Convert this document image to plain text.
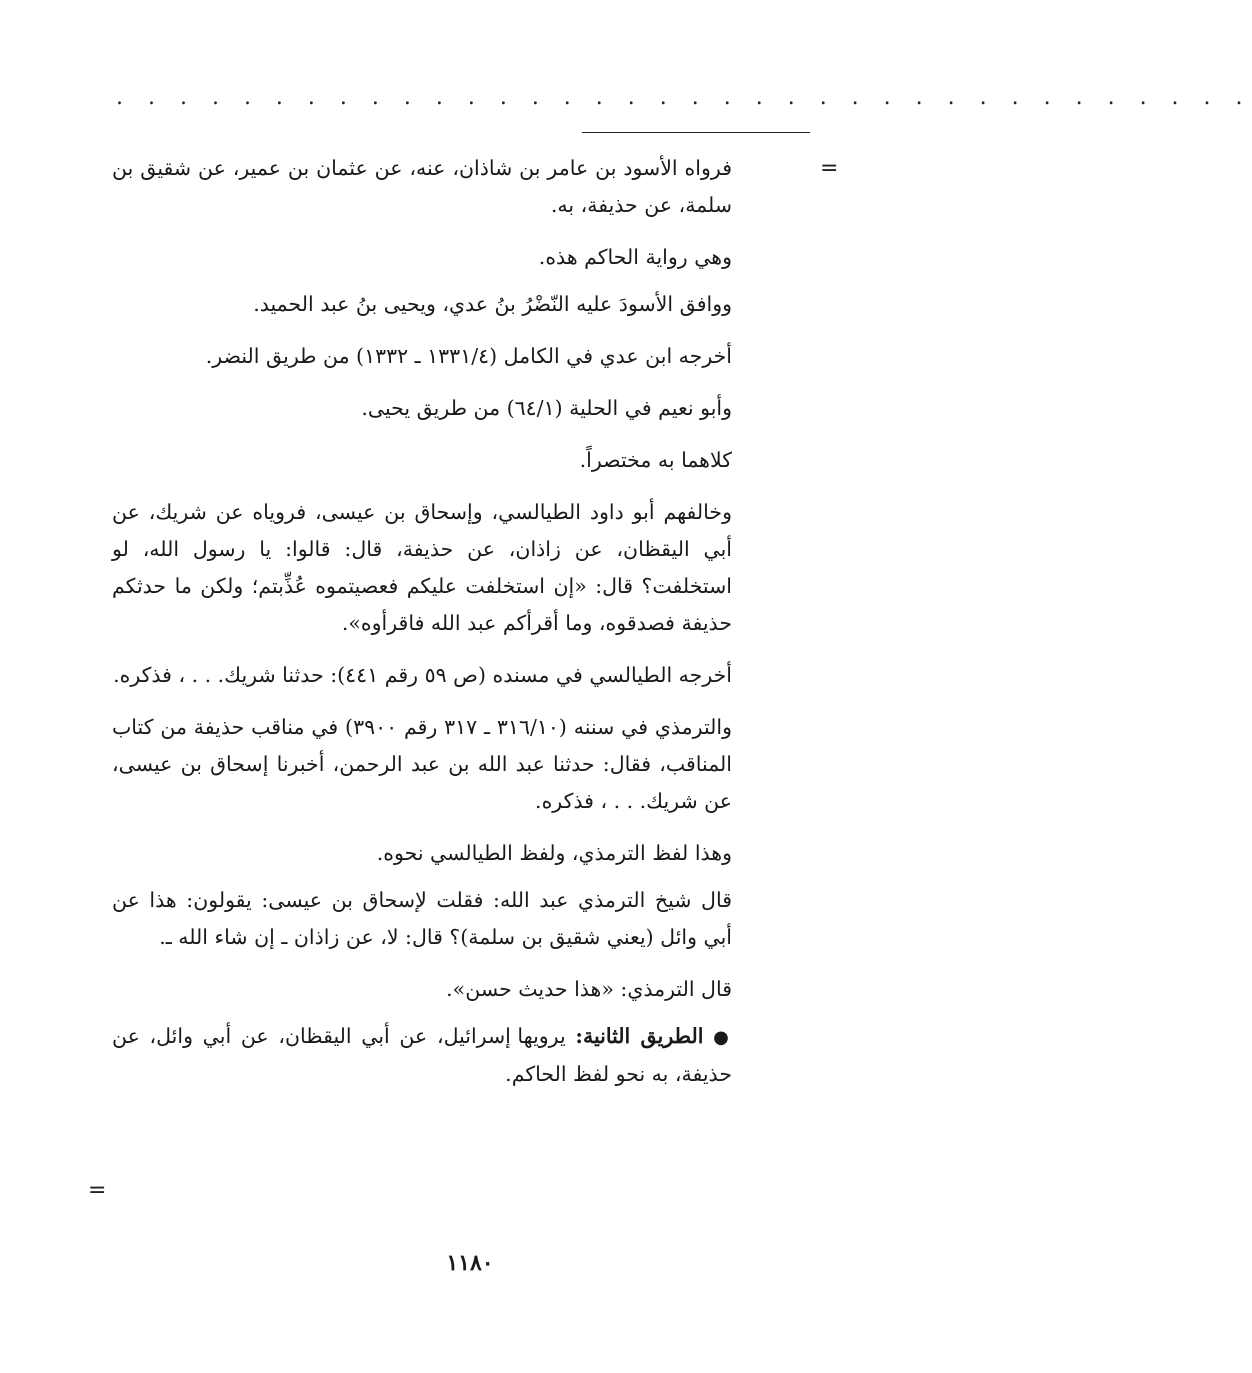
. . . . . . . . . . . . . . . . . . . . . . . . . . . . . . . . . . . .
=

فرواه الأسود بن عامر بن شاذان، عنه، عن عثمان بن عمير، عن شقيق بن سلمة، عن حذيفة، به.

وهي رواية الحاكم هذه.

ووافق الأسودَ عليه النّضْرُ بنُ عدي، ويحيى بنُ عبد الحميد.

أخرجه ابن عدي في الكامل (١٣٣١/٤ ـ ١٣٣٢) من طريق النضر.

وأبو نعيم في الحلية (٦٤/١) من طريق يحيى.

كلاهما به مختصراً.

وخالفهم أبو داود الطيالسي، وإسحاق بن عيسى، فروياه عن شريك، عن أبي اليقظان، عن زاذان، عن حذيفة، قال: قالوا: يا رسول الله، لو استخلفت؟ قال: «إن استخلفت عليكم فعصيتموه عُذِّبتم؛ ولكن ما حدثكم حذيفة فصدقوه، وما أقرأكم عبد الله فاقرأوه».

أخرجه الطيالسي في مسنده (ص ٥٩ رقم ٤٤١): حدثنا شريك. . . ، فذكره.

والترمذي في سننه (٣١٦/١٠ ـ ٣١٧ رقم ٣٩٠٠) في مناقب حذيفة من كتاب المناقب، فقال: حدثنا عبد الله بن عبد الرحمن، أخبرنا إسحاق بن عيسى، عن شريك. . . ، فذكره.

وهذا لفظ الترمذي، ولفظ الطيالسي نحوه.

قال شيخ الترمذي عبد الله: فقلت لإسحاق بن عيسى: يقولون: هذا عن أبي وائل (يعني شقيق بن سلمة)؟ قال: لا، عن زاذان ـ إن شاء الله ـ.

قال الترمذي: «هذا حديث حسن».

● الطريق الثانية: يرويها إسرائيل، عن أبي اليقظان، عن أبي وائل، عن حذيفة، به نحو لفظ الحاكم.

=
١١٨٠
